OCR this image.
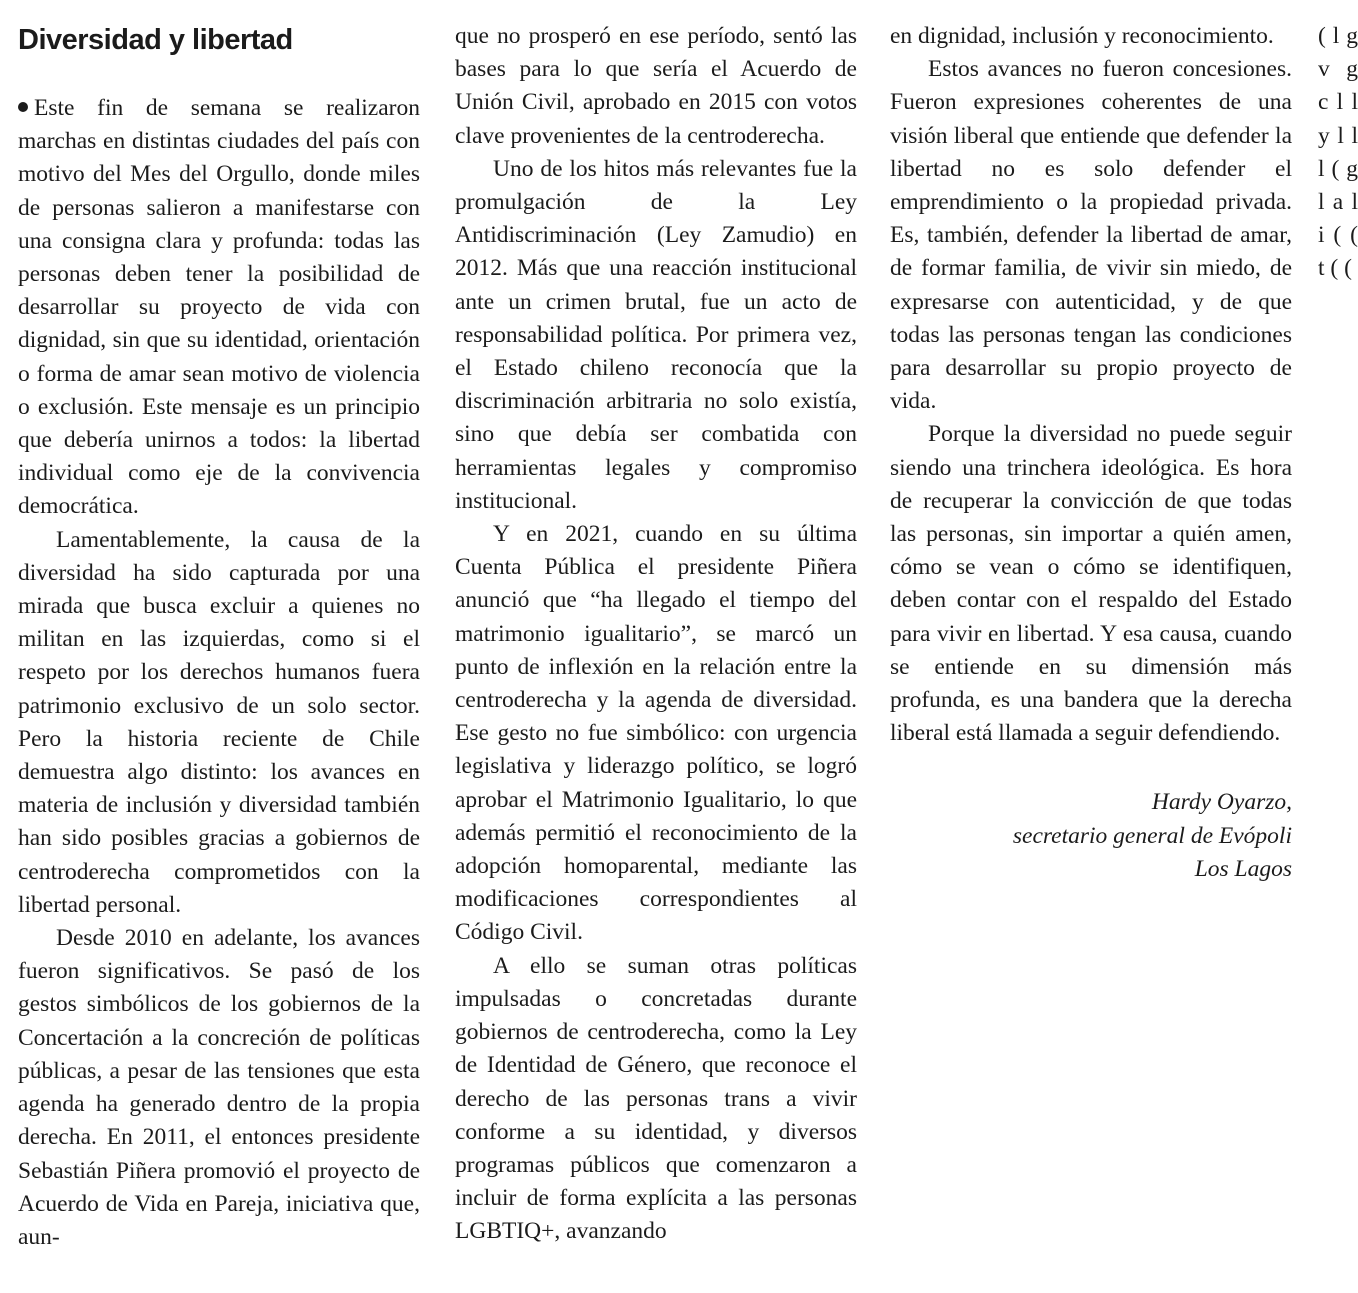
Diversidad y libertad

Este fin de semana se realizaron marchas en distintas ciudades del país con motivo del Mes del Orgullo, donde miles de personas salieron a manifestarse con una consigna clara y profunda: todas las personas deben tener la posibilidad de desarrollar su proyecto de vida con dignidad, sin que su identidad, orientación o forma de amar sean motivo de violencia o exclusión. Este mensaje es un principio que debería unirnos a todos: la libertad individual como eje de la convivencia democrática.

Lamentablemente, la causa de la diversidad ha sido capturada por una mirada que busca excluir a quienes no militan en las izquierdas, como si el respeto por los derechos humanos fuera patrimonio exclusivo de un solo sector. Pero la historia reciente de Chile demuestra algo distinto: los avances en materia de inclusión y diversidad también han sido posibles gracias a gobiernos de centroderecha comprometidos con la libertad personal.

Desde 2010 en adelante, los avances fueron significativos. Se pasó de los gestos simbólicos de los gobiernos de la Concertación a la concreción de políticas públicas, a pesar de las tensiones que esta agenda ha generado dentro de la propia derecha. En 2011, el entonces presidente Sebastián Piñera promovió el proyecto de Acuerdo de Vida en Pareja, iniciativa que, aun-

que no prosperó en ese período, sentó las bases para lo que sería el Acuerdo de Unión Civil, aprobado en 2015 con votos clave provenientes de la centroderecha.

Uno de los hitos más relevantes fue la promulgación de la Ley Antidiscriminación (Ley Zamudio) en 2012. Más que una reacción institucional ante un crimen brutal, fue un acto de responsabilidad política. Por primera vez, el Estado chileno reconocía que la discriminación arbitraria no solo existía, sino que debía ser combatida con herramientas legales y compromiso institucional.

Y en 2021, cuando en su última Cuenta Pública el presidente Piñera anunció que “ha llegado el tiempo del matrimonio igualitario”, se marcó un punto de inflexión en la relación entre la centroderecha y la agenda de diversidad. Ese gesto no fue simbólico: con urgencia legislativa y liderazgo político, se logró aprobar el Matrimonio Igualitario, lo que además permitió el reconocimiento de la adopción homoparental, mediante las modificaciones correspondientes al Código Civil.

A ello se suman otras políticas impulsadas o concretadas durante gobiernos de centroderecha, como la Ley de Identidad de Género, que reconoce el derecho de las personas trans a vivir conforme a su identidad, y diversos programas públicos que comenzaron a incluir de forma explícita a las personas LGBTIQ+, avanzando

en dignidad, inclusión y reconocimiento.

Estos avances no fueron concesiones. Fueron expresiones coherentes de una visión liberal que entiende que defender la libertad no es solo defender el emprendimiento o la propiedad privada. Es, también, defender la libertad de amar, de formar familia, de vivir sin miedo, de expresarse con autenticidad, y de que todas las personas tengan las condiciones para desarrollar su propio proyecto de vida.

Porque la diversidad no puede seguir siendo una trinchera ideológica. Es hora de recuperar la convicción de que todas las personas, sin importar a quién amen, cómo se vean o cómo se identifiquen, deben contar con el respaldo del Estado para vivir en libertad. Y esa causa, cuando se entiende en su dimensión más profunda, es una bandera que la derecha liberal está llamada a seguir defendiendo.

Hardy Oyarzo,
secretario general de Evópoli
Los Lagos
( l g v g c l l y l l l ( g l a l i ( ( t ( (
